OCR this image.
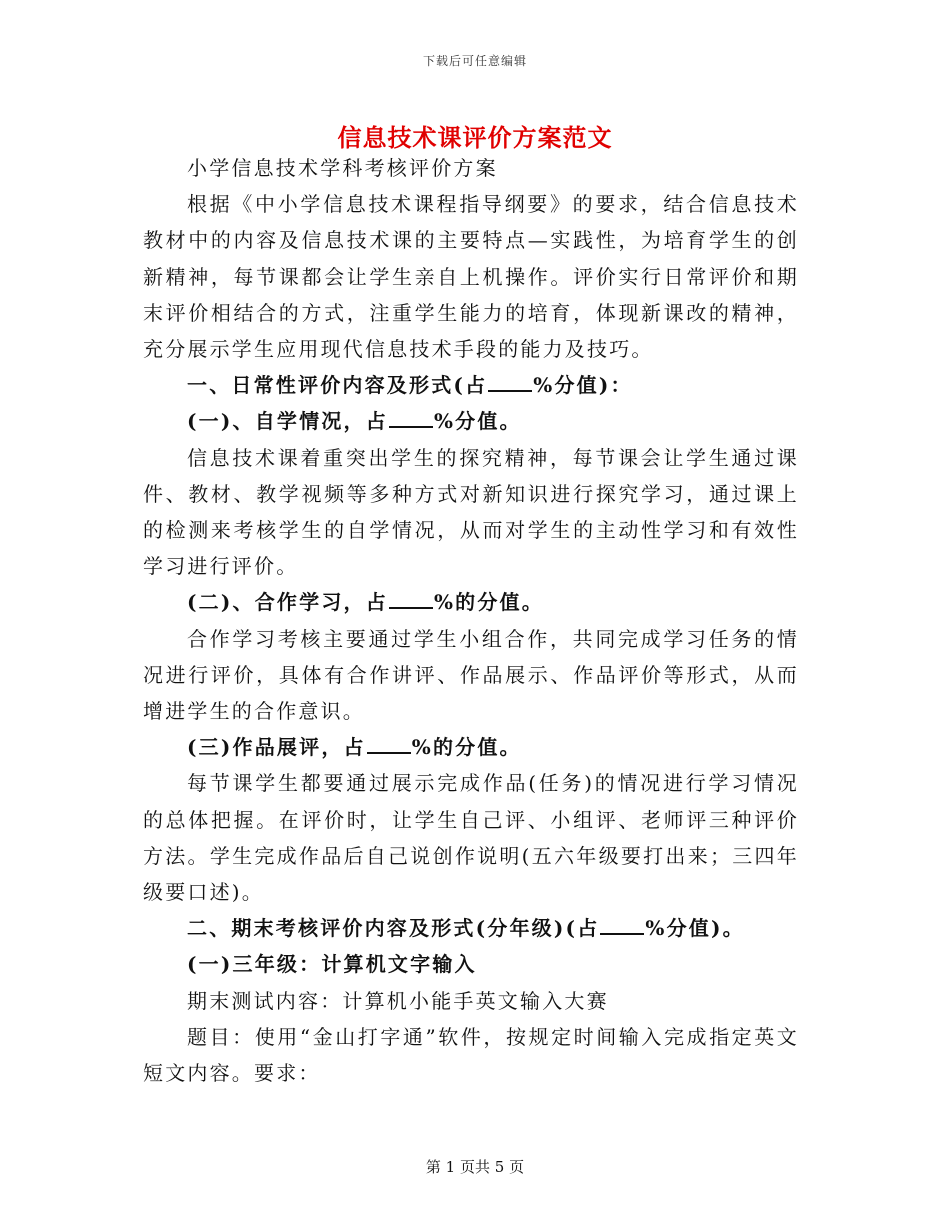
下载后可任意编辑
信息技术课评价方案范文

小学信息技术学科考核评价方案

根据《中小学信息技术课程指导纲要》的要求，结合信息技术教材中的内容及信息技术课的主要特点—实践性，为培育学生的创新精神，每节课都会让学生亲自上机操作。评价实行日常评价和期末评价相结合的方式，注重学生能力的培育，体现新课改的精神，充分展示学生应用现代信息技术手段的能力及技巧。

一、日常性评价内容及形式(占 %分值)：

(一)、自学情况，占 %分值。

信息技术课着重突出学生的探究精神，每节课会让学生通过课件、教材、教学视频等多种方式对新知识进行探究学习，通过课上的检测来考核学生的自学情况，从而对学生的主动性学习和有效性学习进行评价。

(二)、合作学习，占 %的分值。

合作学习考核主要通过学生小组合作，共同完成学习任务的情况进行评价，具体有合作讲评、作品展示、作品评价等形式，从而增进学生的合作意识。

(三)作品展评，占 %的分值。

每节课学生都要通过展示完成作品(任务)的情况进行学习情况的总体把握。在评价时，让学生自己评、小组评、老师评三种评价方法。学生完成作品后自己说创作说明(五六年级要打出来；三四年级要口述)。

二、期末考核评价内容及形式(分年级)(占 %分值)。

(一)三年级：计算机文字输入

期末测试内容：计算机小能手英文输入大赛

题目：使用“金山打字通”软件，按规定时间输入完成指定英文短文内容。要求：

第 1 页共 5 页
